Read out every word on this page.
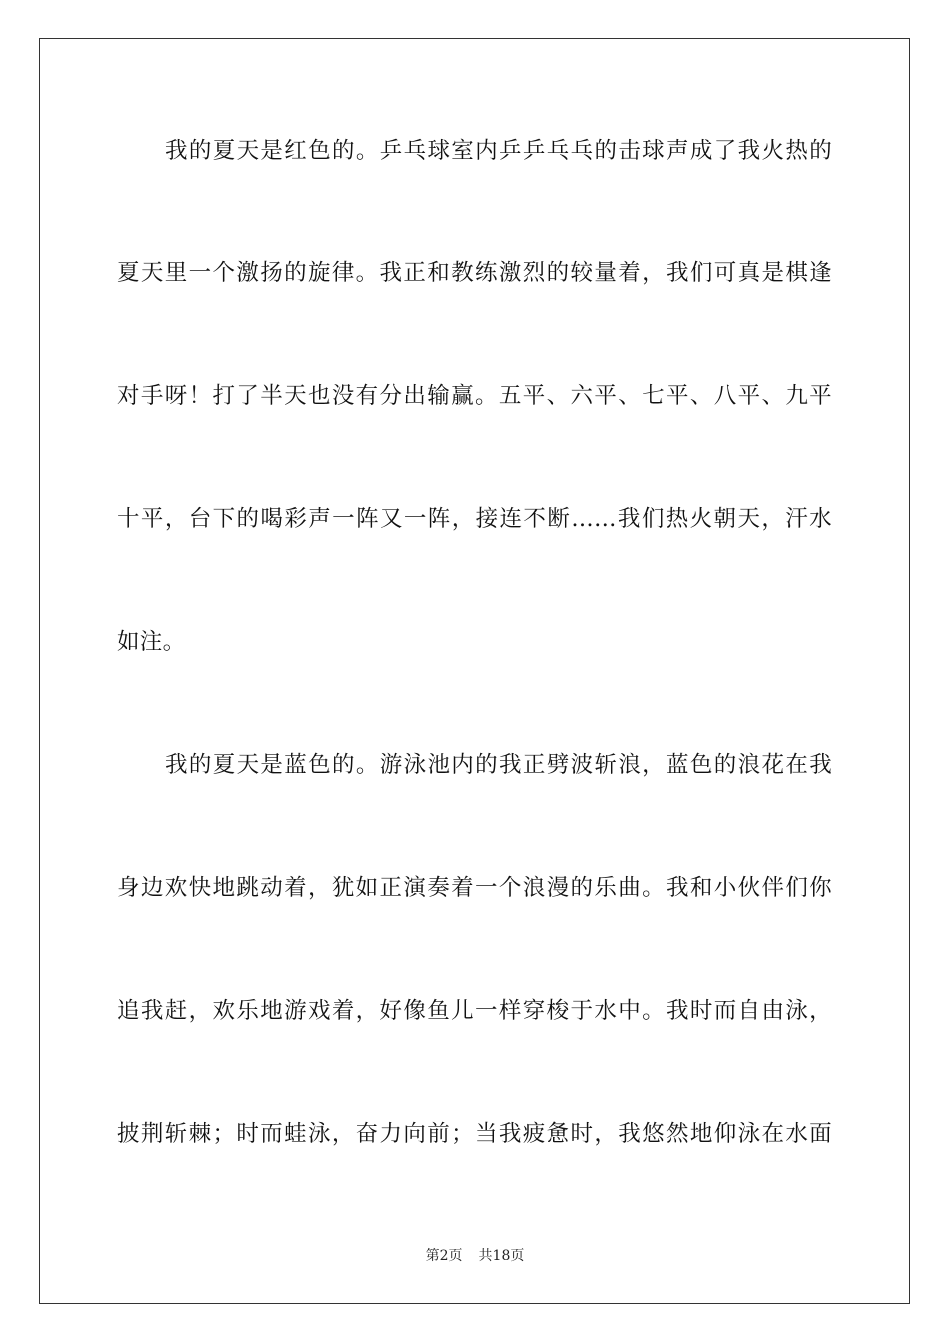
我的夏天是红色的。乒乓球室内乒乒乓乓的击球声成了我火热的
夏天里一个激扬的旋律。我正和教练激烈的较量着，我们可真是棋逢
对手呀！打了半天也没有分出输赢。五平、六平、七平、八平、九平
十平，台下的喝彩声一阵又一阵，接连不断……我们热火朝天，汗水
如注。
我的夏天是蓝色的。游泳池内的我正劈波斩浪，蓝色的浪花在我
身边欢快地跳动着，犹如正演奏着一个浪漫的乐曲。我和小伙伴们你
追我赶，欢乐地游戏着，好像鱼儿一样穿梭于水中。我时而自由泳，
披荆斩棘；时而蛙泳，奋力向前；当我疲惫时，我悠然地仰泳在水面
第2页 共18页
